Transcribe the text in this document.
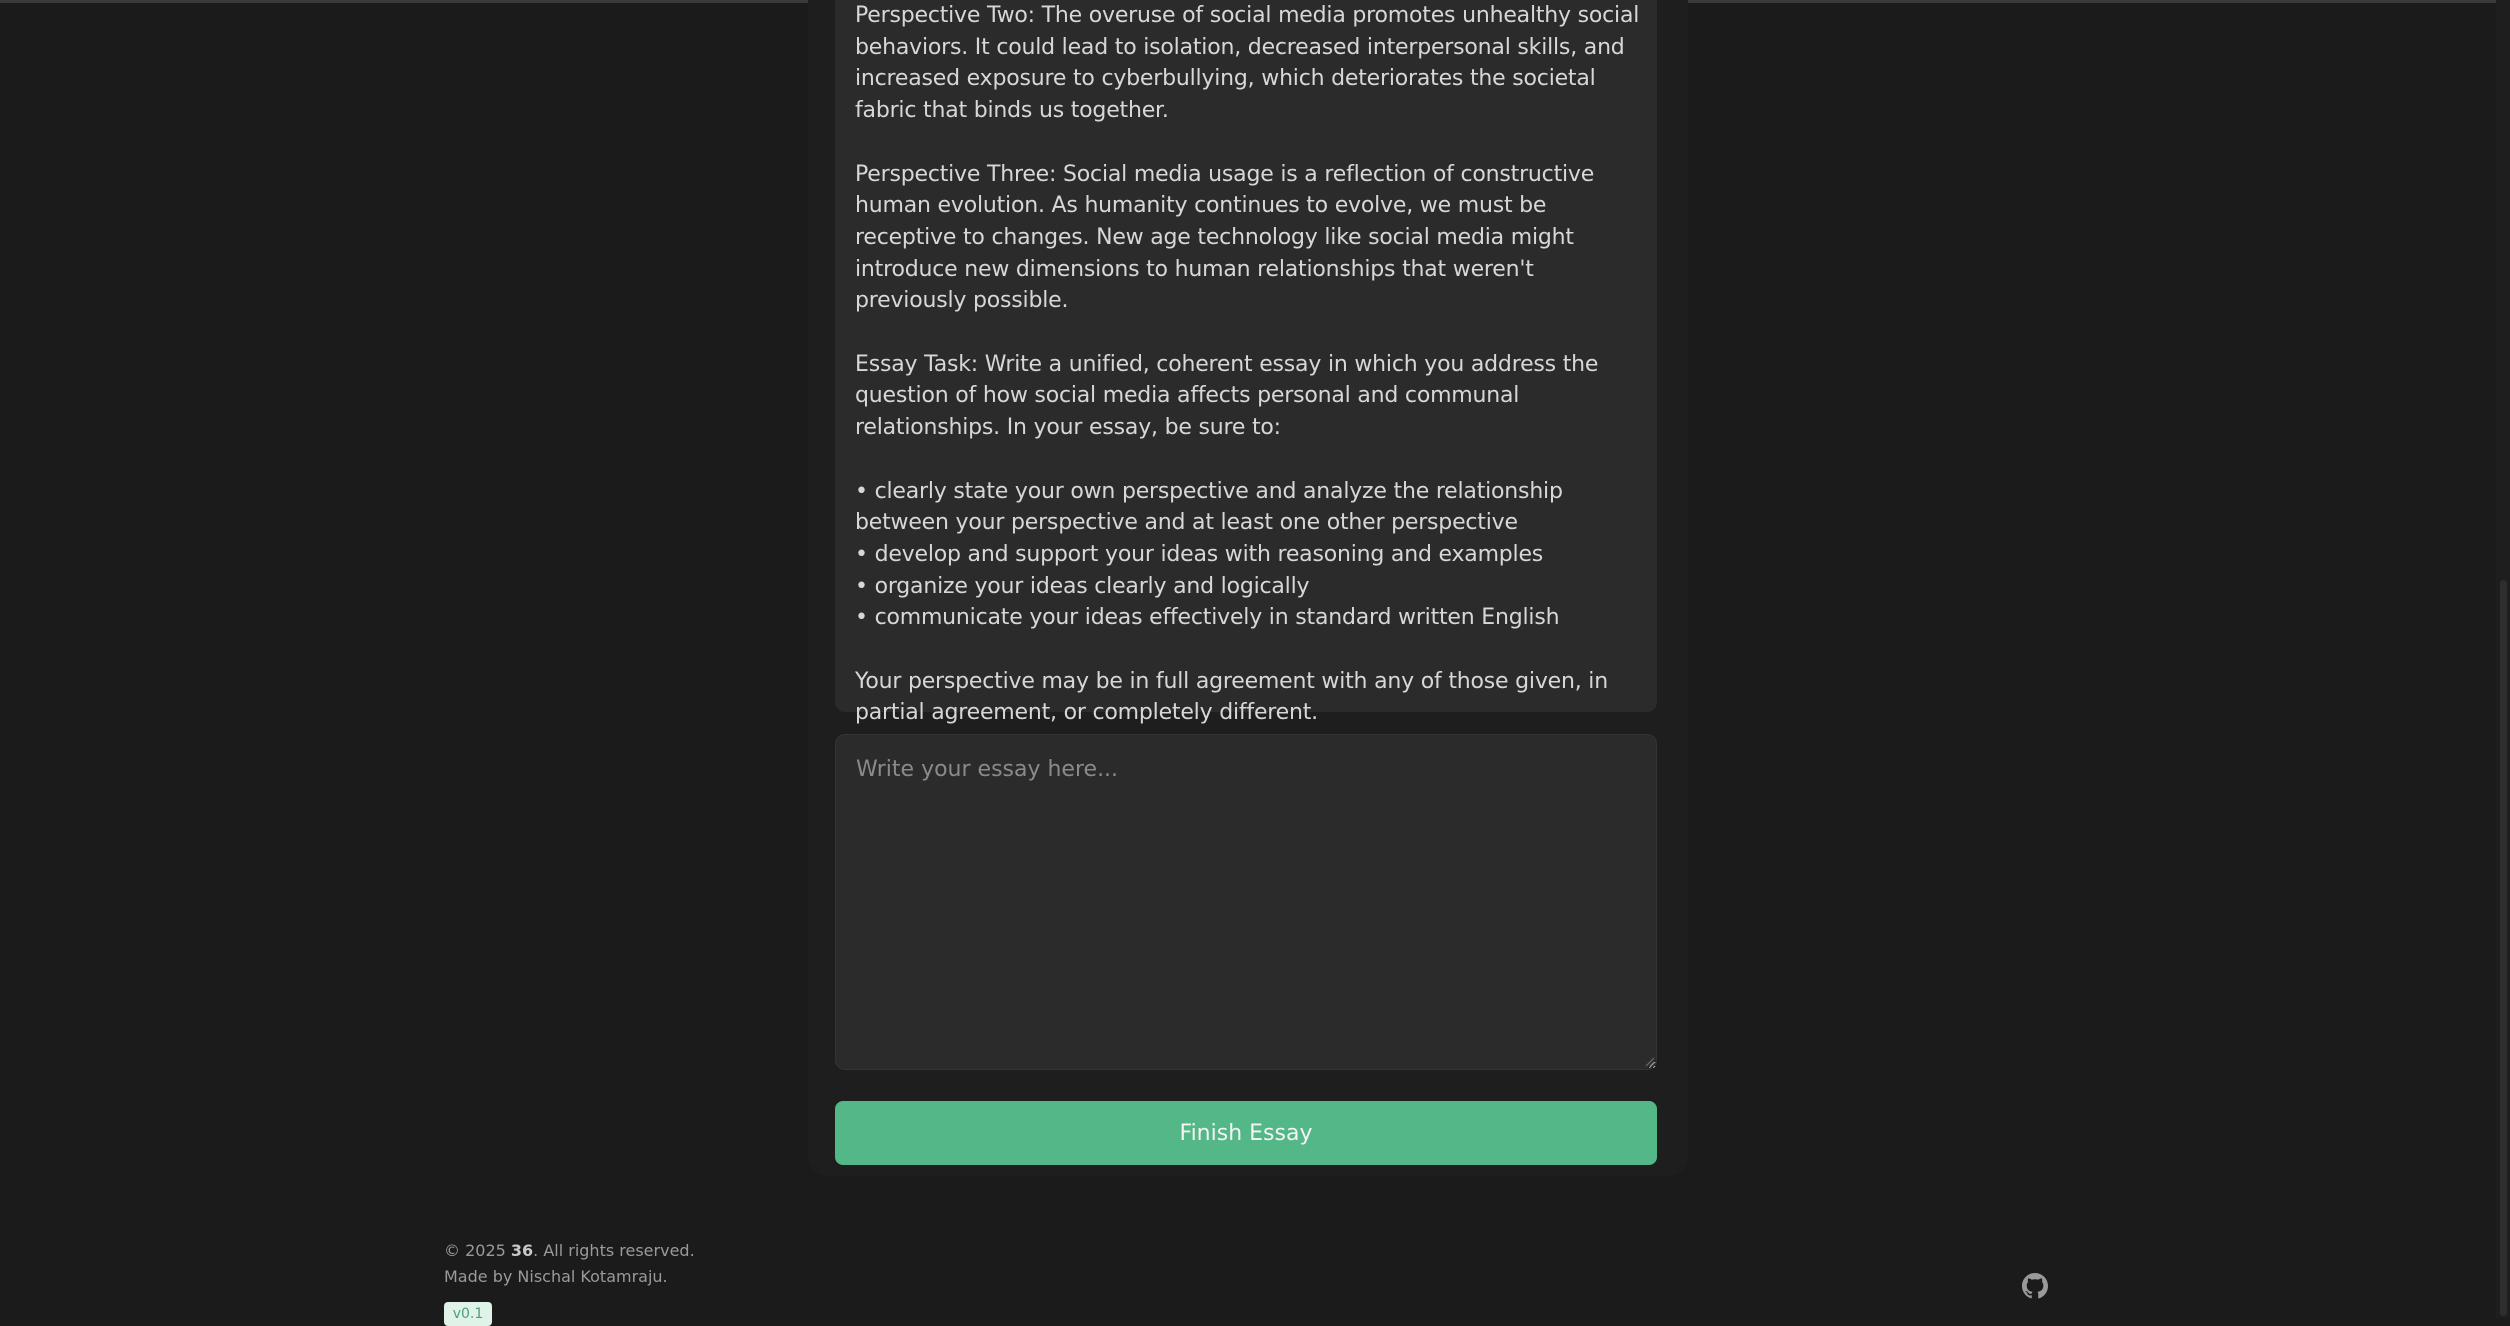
Perspective Two: The overuse of social media promotes unhealthy social behaviors. It could lead to isolation, decreased interpersonal skills, and increased exposure to cyberbullying, which deteriorates the societal fabric that binds us together.
Perspective Three: Social media usage is a reflection of constructive human evolution. As humanity continues to evolve, we must be receptive to changes. New age technology like social media might introduce new dimensions to human relationships that weren't previously possible.
Essay Task: Write a unified, coherent essay in which you address the question of how social media affects personal and communal relationships. In your essay, be sure to:
• clearly state your own perspective and analyze the relationship between your perspective and at least one other perspective
• develop and support your ideas with reasoning and examples
• organize your ideas clearly and logically
• communicate your ideas effectively in standard written English
Your perspective may be in full agreement with any of those given, in partial agreement, or completely different.
Write your essay here...
Finish Essay
© 2025 36. All rights reserved.
Made by Nischal Kotamraju.
v0.1
